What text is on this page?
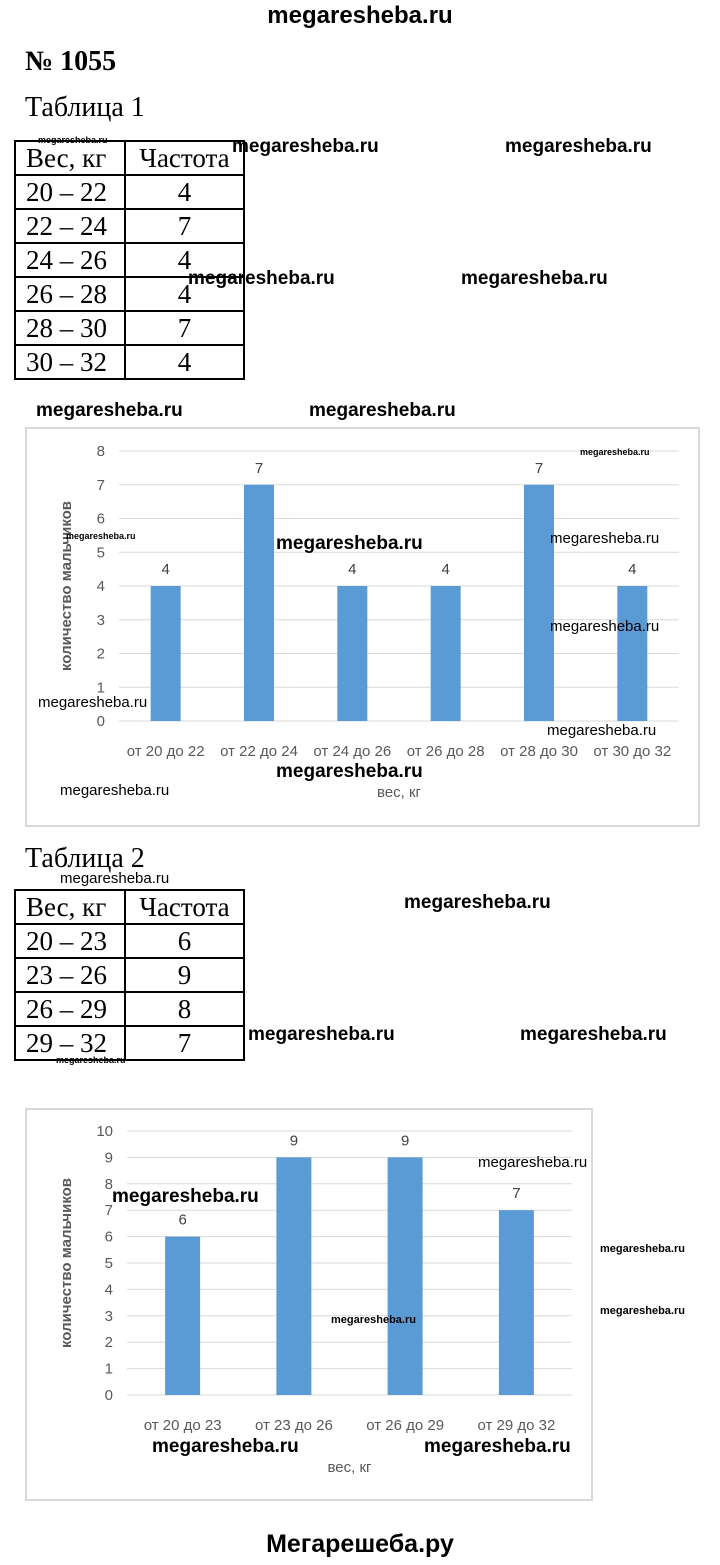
megaresheba.ru
№ 1055
Таблица 1
Вес, кг	Частота
20 – 22	4
22 – 24	7
24 – 26	4
26 – 28	4
28 – 30	7
30 – 32	4
0
1
2
3
4
5
6
7
8
4
от 20 до 22
7
от 22 до 24
4
от 24 до 26
4
от 26 до 28
7
от 28 до 30
4
от 30 до 32
вес, кг
количество мальчиков
Таблица 2
Вес, кг	Частота
20 – 23	6
23 – 26	9
26 – 29	8
29 – 32	7
0
1
2
3
4
5
6
7
8
9
10
6
от 20 до 23
9
от 23 до 26
9
от 26 до 29
7
от 29 до 32
вес, кг
количество мальчиков
megaresheba.ru	megaresheba.ru	megaresheba.ru
megaresheba.ru	megaresheba.ru
megaresheba.ru	megaresheba.ru
megaresheba.ru
megaresheba.ru	megaresheba.ru	megaresheba.ru
megaresheba.ru
megaresheba.ru
megaresheba.ru
megaresheba.ru
megaresheba.ru
megaresheba.ru
megaresheba.ru
megaresheba.ru	megaresheba.ru
megaresheba.ru
megaresheba.ru
megaresheba.ru
megaresheba.ru
megaresheba.ru
megaresheba.ru
megaresheba.ru	megaresheba.ru
Мегарешеба.ру
